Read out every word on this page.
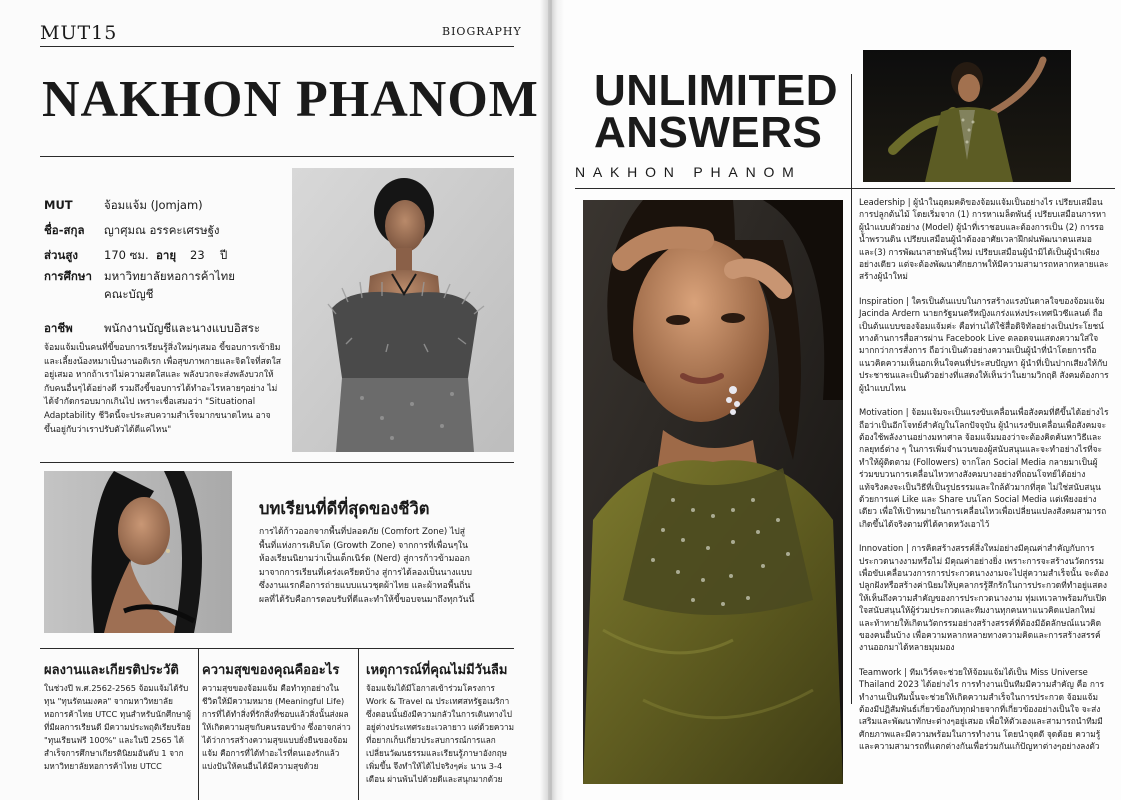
MUT15	BIOGRAPHY
NAKHON PHANOM
MUT	จ้อมแจ้ม (Jomjam)
ชื่อ-สกุล	ญาศุมณ อรรคะเศรษฐัง
ส่วนสูง	170 ซม. อายุ	23 ปี
การศึกษา	มหาวิทยาลัยหอการค้าไทย
คณะบัญชี
อาชีพ	พนักงานบัญชีและนางแบบอิสระ
จ้อมแจ้มเป็นคนที่ขี้ขอบการเรียนรู้สิ่งใหม่ๆเสมอ ขี้ขอบการเข้ายิมและเลี้ยงน้องหมาเป็นงานอดิเรก เพื่อสุขภาพกายและจิตใจที่สดใสอยู่เสมอ หากถ้าเราไม่ความสดใสและ พลังบวกจะส่งพลังบวกให้กับคนอื่นๆได้อย่างดี รวมถึงขี้ขอบการได้ทำอะไรหลายๆอย่าง ไม่ได้จำกัดกรอบมากเกินไป เพราะเชื่อเสมอว่า "Situational Adaptability ชีวิตนี้จะประสบความสำเร็จมากขนาดไหน อาจขึ้นอยู่กับว่าเราปรับตัวได้ดีแค่ไหน"
บทเรียนที่ดีที่สุดของชีวิต
การได้ก้าวออกจากพื้นที่ปลอดภัย (Comfort Zone) ไปสู่พื้นที่แห่งการเติบโต (Growth Zone) จากการที่เพื่อนๆในห้องเรียนนิยามว่าเป็นเด็กเนิร์ด (Nerd) สู่การก้าวข้ามออกมาจากการเรียนที่เคร่งเครียดบ้าง สู่การได้ลองเป็นนางแบบ ซึ่งงานแรกคือการถ่ายแบบแนวชุดผ้าไทย และผ้าทอพื้นถิ่น ผลที่ได้รับคือการตอบรับที่ดีและทำให้ขี้ขอบจนมาถึงทุกวันนี้
ผลงานและเกียรติประวัติ
ในช่วงปี พ.ศ.2562-2565 จ้อมแจ้มได้รับทุน "ทุนรัตนมงคล" จากมหาวิทยาลัยหอการค้าไทย UTCC ทุนสำหรับนักศึกษาผู้ที่มีผลการเรียนดี มีความประพฤติเรียบร้อย "ทุนเรียนฟรี 100%" และในปี 2565 ได้สำเร็จการศึกษาเกียรตินิยมอันดับ 1 จาก มหาวิทยาลัยหอการค้าไทย UTCC
ความสุขของคุณคืออะไร
ความสุขของจ้อมแจ้ม คือทำทุกอย่างในชีวิตให้มีความหมาย (Meaningful Life) การที่ได้ทำสิ่งที่รักสิ่งที่ชอบแล้วสิ่งนั้นส่งผลให้เกิดความสุขกับคนรอบข้าง ซึ่งอาจกล่าวได้ว่าการสร้างความสุขแบบยั่งยืนของจ้อมแจ้ม คือการที่ได้ทำอะไรที่ตนเองรักแล้วแบ่งปันให้คนอื่นได้มีความสุขด้วย
เหตุการณ์ที่คุณไม่มีวันลืม
จ้อมแจ้มได้มีโอกาสเข้าร่วมโครงการ Work & Travel ณ ประเทศสหรัฐอเมริกา ซึ่งตอนนั้นยังมีความกลัวในการเดินทางไปอยู่ต่างประเทศระยะเวลายาว แต่ด้วยความที่อยากเก็บเกี่ยวประสบการณ์การแลกเปลี่ยนวัฒนธรรมและเรียนรู้ภาษาอังกฤษเพิ่มขึ้น จึงทำให้ได้ไปจริงๆค่ะ นาน 3-4 เดือน ผ่านพ้นไปด้วยดีและสนุกมากด้วย
UNLIMITED
ANSWERS
NAKHON PHANOM

Leadership | ผู้นำในอุดมคติของจ้อมแจ้มเป็นอย่างไร เปรียบเสมือนการปลูกต้นไม้ โดยเริ่มจาก (1) การหาเมล็ดพันธุ์ เปรียบเสมือนการหาผู้นำแบบตัวอย่าง (Model) ผู้นำที่เราชอบและต้องการเป็น (2) การรอน้ำพรวนดิน เปรียบเสมือนผู้นำต้องอาศัยเวลาฝึกฝนพัฒนาตนเสมอ และ(3) การพัฒนาสายพันธุ์ใหม่ เปรียบเสมือนผู้นำมิได้เป็นผู้นำเพียงอย่างเดียว แต่จะต้องพัฒนาศักยภาพให้มีความสามารถหลากหลายและสร้างผู้นำใหม่

Inspiration | ใครเป็นต้นแบบในการสร้างแรงบันดาลใจของจ้อมแจ้ม Jacinda Ardern นายกรัฐมนตรีหญิงแกร่งแห่งประเทศนิวซีแลนด์ ถือเป็นต้นแบบของจ้อมแจ้มค่ะ คือท่านได้ใช้สื่อดิจิทัลอย่างเป็นประโยชน์ทางด้านการสื่อสารผ่าน Facebook Live ตลอดจนแสดงความใส่ใจ มากกว่าการสั่งการ ถือว่าเป็นตัวอย่างความเป็นผู้นำที่นำโดยการถือแนวคิดความเห็นอกเห็นใจคนที่ประสบปัญหา ผู้นำที่เป็นปากเสียงให้กับประชาชนและเป็นตัวอย่างที่แสดงให้เห็นว่าในยามวิกฤติ สังคมต้องการผู้นำแบบไหน

Motivation | จ้อมแจ้มจะเป็นแรงขับเคลื่อนเพื่อสังคมที่ดีขึ้นได้อย่างไร ถือว่าเป็นอีกโจทย์สำคัญในโลกปัจจุบัน ผู้นำแรงขับเคลื่อนเพื่อสังคมจะต้องใช้พลังงานอย่างมหาศาล จ้อมแจ้มมองว่าจะต้องคิดค้นหาวิธีและกลยุทธ์ต่าง ๆ ในการเพิ่มจำนวนของผู้สนับสนุนและจะทำอย่างไรที่จะทำให้ผู้ติดตาม (Followers) จากโลก Social Media กลายมาเป็นผู้ร่วมขบวนการเคลื่อนไหวทางสังคมบางอย่างที่ถอนโจทย์ได้อย่างแท้จริงคงจะเป็นวิธีที่เป็นรูปธรรมและใกล้ตัวมากที่สุด ไม่ใช่สนับสนุนด้วยการแค่ Like และ Share บนโลก Social Media แต่เพียงอย่างเดียว เพื่อให้เป้าหมายในการเคลื่อนไหวเพื่อเปลี่ยนแปลงสังคมสามารถเกิดขึ้นได้จริงตามที่ได้คาดหวังเอาไว้

Innovation | การคิดสร้างสรรค์สิ่งใหม่อย่างมีคุณค่าสำคัญกับการประกวดนางงามหรือไม่ มีคุณค่าอย่างยิ่ง เพราะการจะสร้างนวัตกรรมเพื่อขับเคลื่อนวงการการประกวดนางงามจะไปสู่ความสำเร็จนั้น จะต้องปลูกฝังหรือสร้างค่านิยมให้บุคลากรรู้สึกรักในการประกวดที่ทำอยู่แสดงให้เห็นถึงความสำคัญของการประกวดนางงาม ทุ่มเทเวลาพร้อมกับเปิดใจสนับสนุนให้ผู้ร่วมประกวดและทีมงานทุกคนหาแนวคิดแปลกใหม่และท้าทายให้เกิดนวัตกรรมอย่างสร้างสรรค์ที่ต้องมีอัตลักษณ์แนวคิดของคนอื่นบ้าง เพื่อความหลากหลายทางความคิดและการสร้างสรรค์งานออกมาได้หลายมุมมอง

Teamwork | ทีมเวิร์คจะช่วยให้จ้อมแจ้มได้เป็น Miss Universe Thailand 2023 ได้อย่างไร การทำงานเป็นทีมมีความสำคัญ คือ การทำงานเป็นทีมนั้นจะช่วยให้เกิดความสำเร็จในการประกวด จ้อมแจ้มต้องมีปฏิสัมพันธ์เกี่ยวข้องกับทุกฝ่ายจากที่เกี่ยวข้องอย่างเป็นใจ จะส่งเสริมและพัฒนาทักษะต่างๆอยู่เสมอ เพื่อให้ตัวเองและสามารถนำทีมมีศักยภาพและมีความพร้อมในการทำงาน โดยนำจุดดี จุดด้อย ความรู้และความสามารถที่แตกต่างกันเพื่อร่วมกันแก้ปัญหาต่างๆอย่างลงตัว
